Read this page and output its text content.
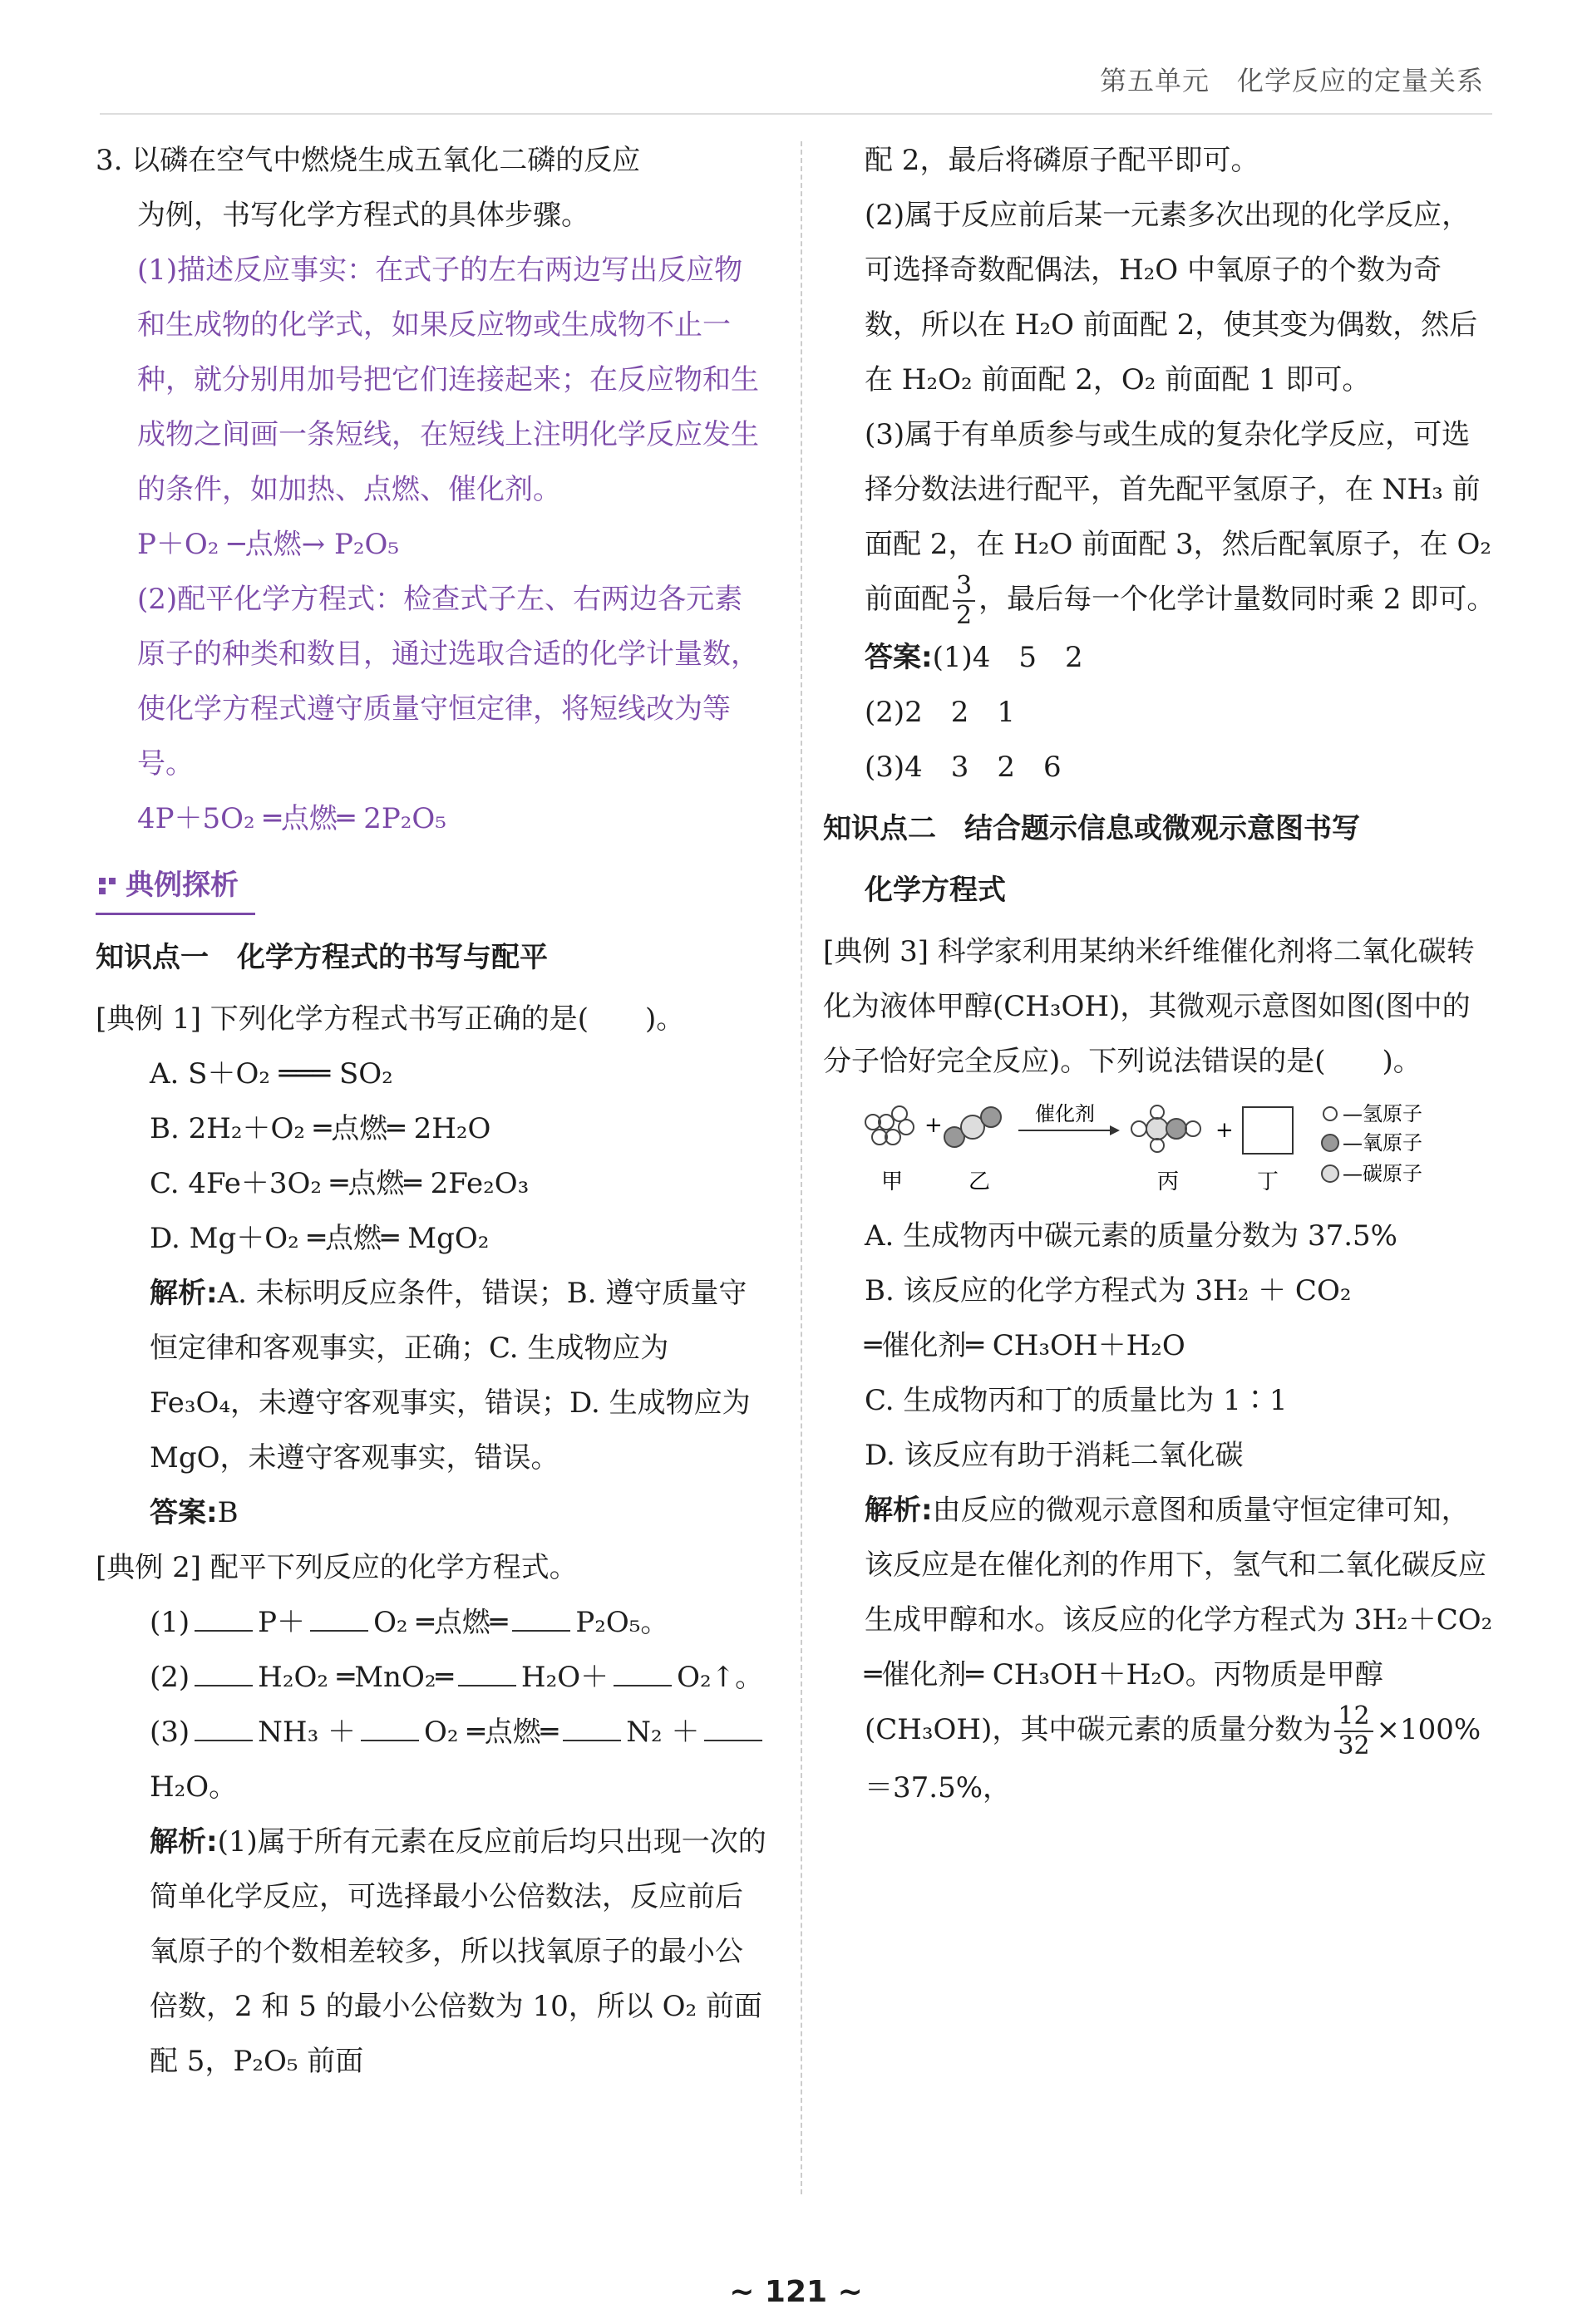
第五单元　化学反应的定量关系

3. 以磷在空气中燃烧生成五氧化二磷的反应

为例，书写化学方程式的具体步骤。

(1)描述反应事实：在式子的左右两边写出反应物和生成物的化学式，如果反应物或生成物不止一种，就分别用加号把它们连接起来；在反应物和生成物之间画一条短线，在短线上注明化学反应发生的条件，如加热、点燃、催化剂。

P＋O₂ ─点燃→ P₂O₅

(2)配平化学方程式：检查式子左、右两边各元素原子的种类和数目，通过选取合适的化学计量数，使化学方程式遵守质量守恒定律，将短线改为等号。

4P＋5O₂ ═点燃═ 2P₂O₅

典例探析

知识点一　化学方程式的书写与配平

[典例 1] 下列化学方程式书写正确的是(　　)。

A. S＋O₂ ═══ SO₂

B. 2H₂＋O₂ ═点燃═ 2H₂O

C. 4Fe＋3O₂ ═点燃═ 2Fe₂O₃

D. Mg＋O₂ ═点燃═ MgO₂

解析:A. 未标明反应条件，错误；B. 遵守质量守恒定律和客观事实，正确；C. 生成物应为 Fe₃O₄，未遵守客观事实，错误；D. 生成物应为 MgO，未遵守客观事实，错误。

答案:B

[典例 2] 配平下列反应的化学方程式。

(1) P＋ O₂ ═点燃═ P₂O₅。

(2) H₂O₂ ═MnO₂═ H₂O＋ O₂↑。

(3) NH₃ ＋ O₂ ═点燃═ N₂ ＋H₂O。

解析:(1)属于所有元素在反应前后均只出现一次的简单化学反应，可选择最小公倍数法，反应前后氧原子的个数相差较多，所以找氧原子的最小公倍数，2 和 5 的最小公倍数为 10，所以 O₂ 前面配 5，P₂O₅ 前面

配 2，最后将磷原子配平即可。

(2)属于反应前后某一元素多次出现的化学反应，可选择奇数配偶法，H₂O 中氧原子的个数为奇数，所以在 H₂O 前面配 2，使其变为偶数，然后在 H₂O₂ 前面配 2，O₂ 前面配 1 即可。

(3)属于有单质参与或生成的复杂化学反应，可选择分数法进行配平，首先配平氢原子，在 NH₃ 前面配 2，在 H₂O 前面配 3，然后配氧原子，在 O₂ 前面配 $\frac{3}{2}$ ，最后每一个化学计量数同时乘 2 即可。

答案:(1)4　5　2

(2)2　2　1

(3)4　3　2　6

知识点二　结合题示信息或微观示意图书写

化学方程式

[典例 3] 科学家利用某纳米纤维催化剂将二氧化碳转化为液体甲醇(CH₃OH)，其微观示意图如图(图中的分子恰好完全反应)。下列说法错误的是(　　)。

+	催化剂
+
甲	乙	丙	丁
—氢原子
—氧原子
—碳原子

A. 生成物丙中碳元素的质量分数为 37.5%

B. 该反应的化学方程式为 3H₂ ＋ CO₂

═催化剂═ CH₃OH＋H₂O

C. 生成物丙和丁的质量比为 1∶1

D. 该反应有助于消耗二氧化碳

解析:由反应的微观示意图和质量守恒定律可知，该反应是在催化剂的作用下，氢气和二氧化碳反应生成甲醇和水。该反应的化学方程式为 3H₂＋CO₂ ═催化剂═ CH₃OH＋H₂O。丙物质是甲醇(CH₃OH)，其中碳元素的质量分数为 $\frac{12}{32} \times 100\%=37.5\%$，

~ 121 ~
